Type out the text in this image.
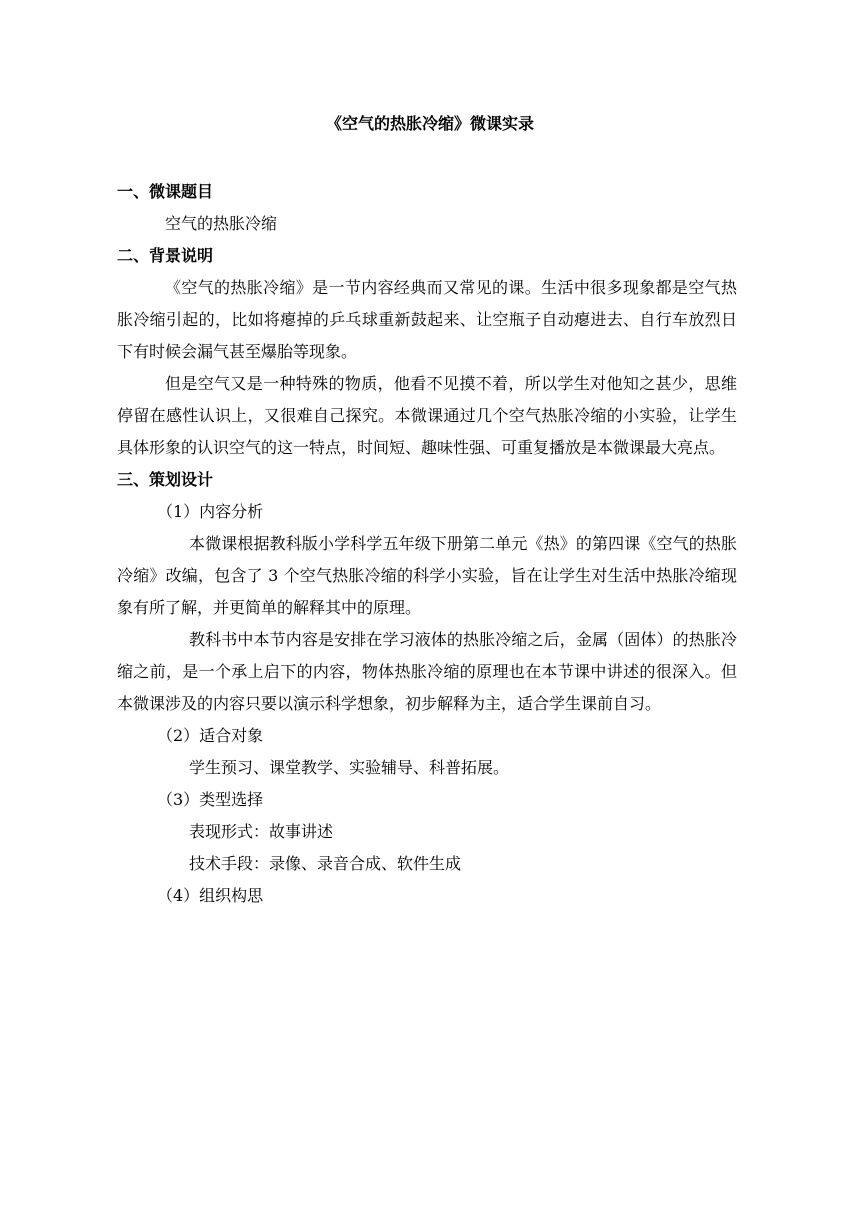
《空气的热胀冷缩》微课实录
一、微课题目
空气的热胀冷缩
二、背景说明
《空气的热胀冷缩》是一节内容经典而又常见的课。生活中很多现象都是空气热胀冷缩引起的，比如将瘪掉的乒乓球重新鼓起来、让空瓶子自动瘪进去、自行车放烈日下有时候会漏气甚至爆胎等现象。
但是空气又是一种特殊的物质，他看不见摸不着，所以学生对他知之甚少，思维停留在感性认识上，又很难自己探究。本微课通过几个空气热胀冷缩的小实验，让学生具体形象的认识空气的这一特点，时间短、趣味性强、可重复播放是本微课最大亮点。
三、策划设计
（1）内容分析
本微课根据教科版小学科学五年级下册第二单元《热》的第四课《空气的热胀冷缩》改编，包含了 3 个空气热胀冷缩的科学小实验，旨在让学生对生活中热胀冷缩现象有所了解，并更简单的解释其中的原理。
教科书中本节内容是安排在学习液体的热胀冷缩之后，金属（固体）的热胀冷缩之前，是一个承上启下的内容，物体热胀冷缩的原理也在本节课中讲述的很深入。但本微课涉及的内容只要以演示科学想象，初步解释为主，适合学生课前自习。
（2）适合对象
学生预习、课堂教学、实验辅导、科普拓展。
（3）类型选择
表现形式：故事讲述
技术手段：录像、录音合成、软件生成
（4）组织构思
